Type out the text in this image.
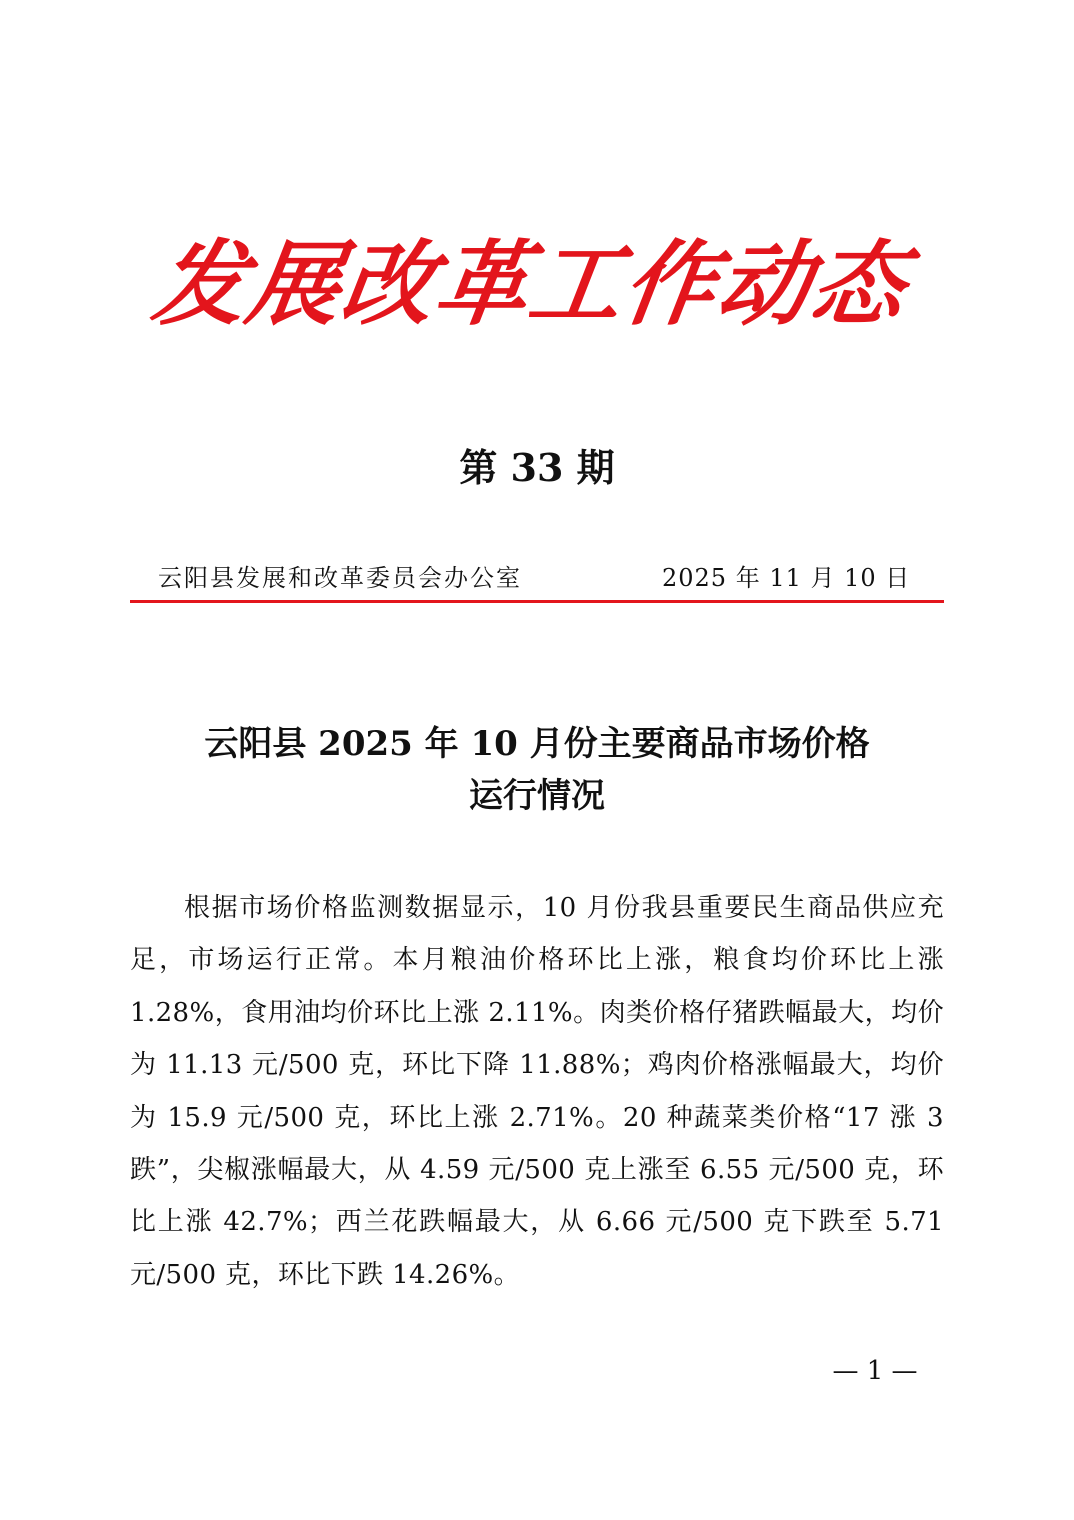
发展改革工作动态
第 33 期
云阳县发展和改革委员会办公室	2025 年 11 月 10 日
云阳县 2025 年 10 月份主要商品市场价格
运行情况

根据市场价格监测数据显示，10 月份我县重要民生商品供应充足，市场运行正常。本月粮油价格环比上涨，粮食均价环比上涨 1.28%，食用油均价环比上涨 2.11%。肉类价格仔猪跌幅最大，均价为 11.13 元/500 克，环比下降 11.88%；鸡肉价格涨幅最大，均价为 15.9 元/500 克，环比上涨 2.71%。20 种蔬菜类价格“17 涨 3 跌”，尖椒涨幅最大，从 4.59 元/500 克上涨至 6.55 元/500 克，环比上涨 42.7%；西兰花跌幅最大，从 6.66 元/500 克下跌至 5.71 元/500 克，环比下跌 14.26%。

— 1 —
